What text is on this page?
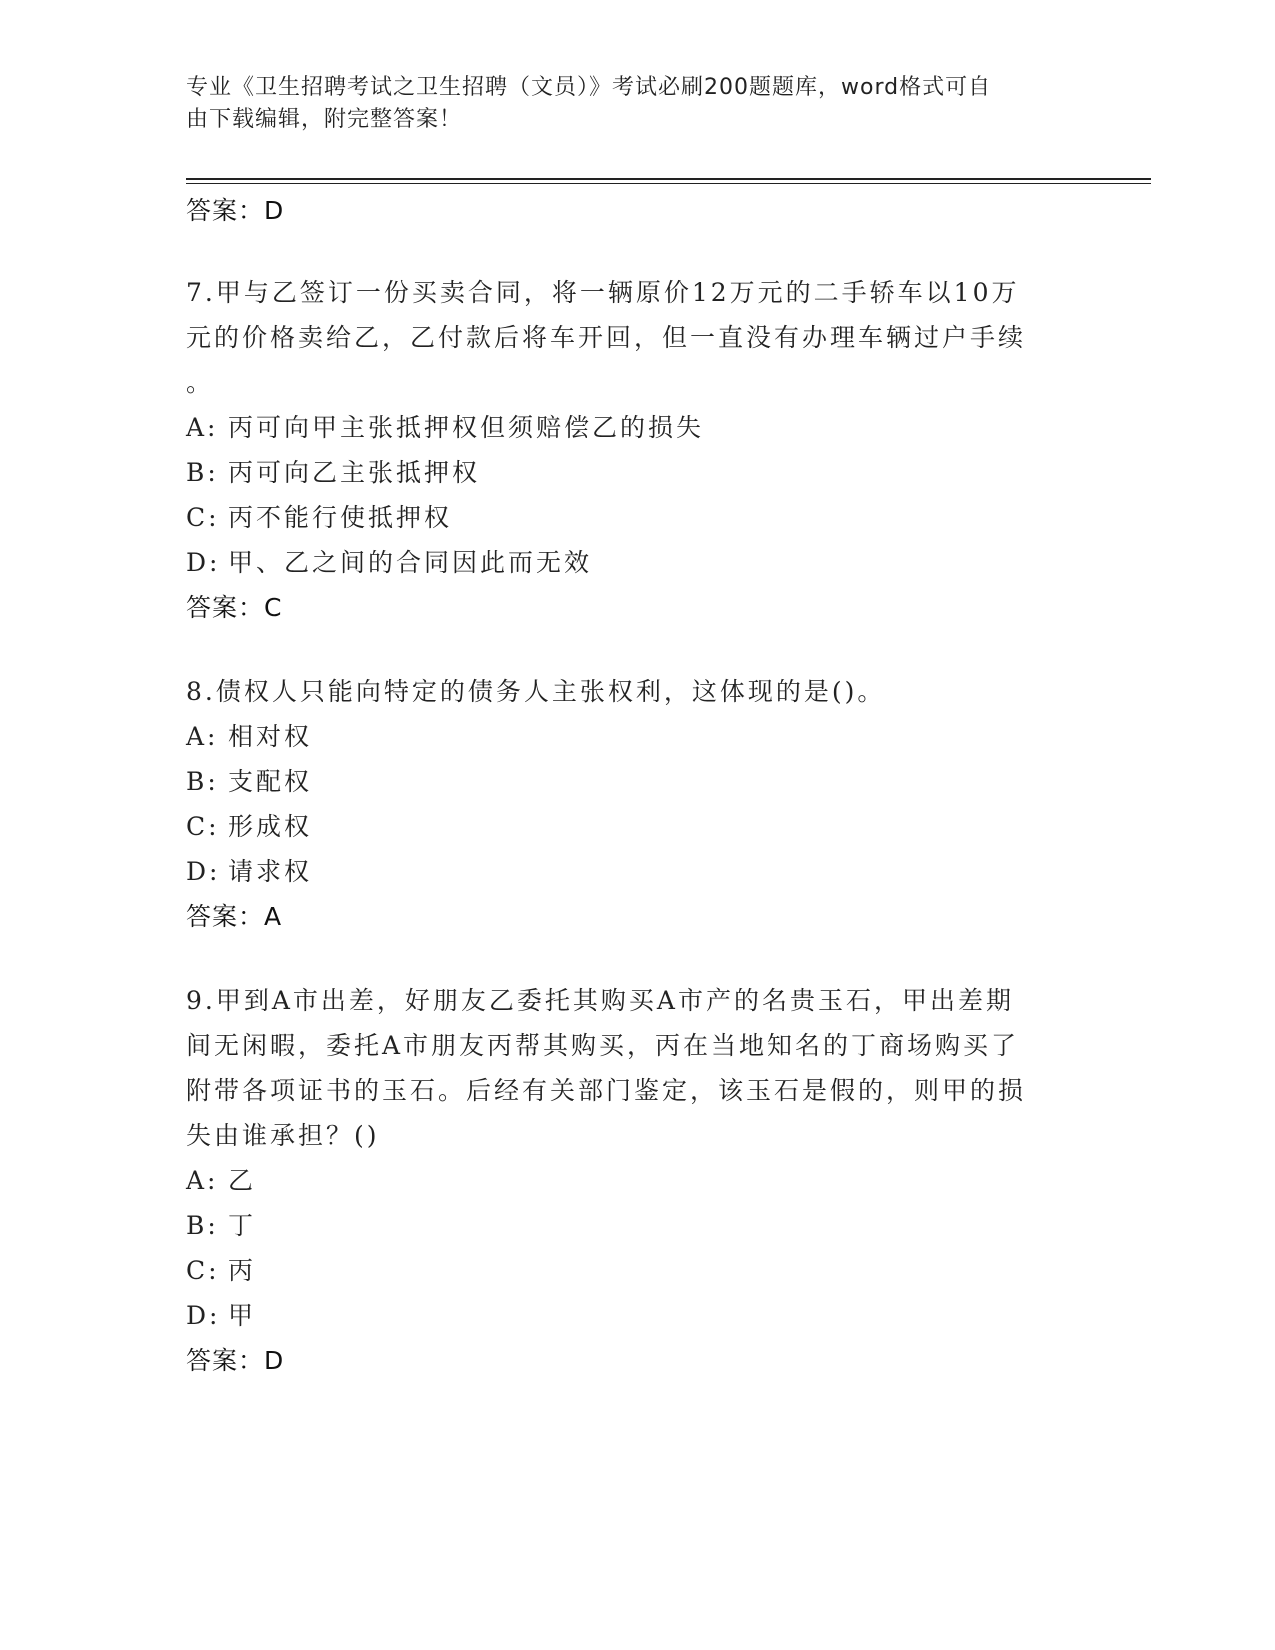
专业《卫生招聘考试之卫生招聘（文员）》考试必刷200题题库，word格式可自
由下载编辑，附完整答案！
答案：D
7.甲与乙签订一份买卖合同，将一辆原价12万元的二手轿车以10万
元的价格卖给乙，乙付款后将车开回，但一直没有办理车辆过户手续
。
A: 丙可向甲主张抵押权但须赔偿乙的损失
B: 丙可向乙主张抵押权
C: 丙不能行使抵押权
D: 甲、乙之间的合同因此而无效
答案：C
8.债权人只能向特定的债务人主张权利，这体现的是()。
A: 相对权
B: 支配权
C: 形成权
D: 请求权
答案：A
9.甲到A市出差，好朋友乙委托其购买A市产的名贵玉石，甲出差期
间无闲暇，委托A市朋友丙帮其购买，丙在当地知名的丁商场购买了
附带各项证书的玉石。后经有关部门鉴定，该玉石是假的，则甲的损
失由谁承担？()
A: 乙
B: 丁
C: 丙
D: 甲
答案：D
